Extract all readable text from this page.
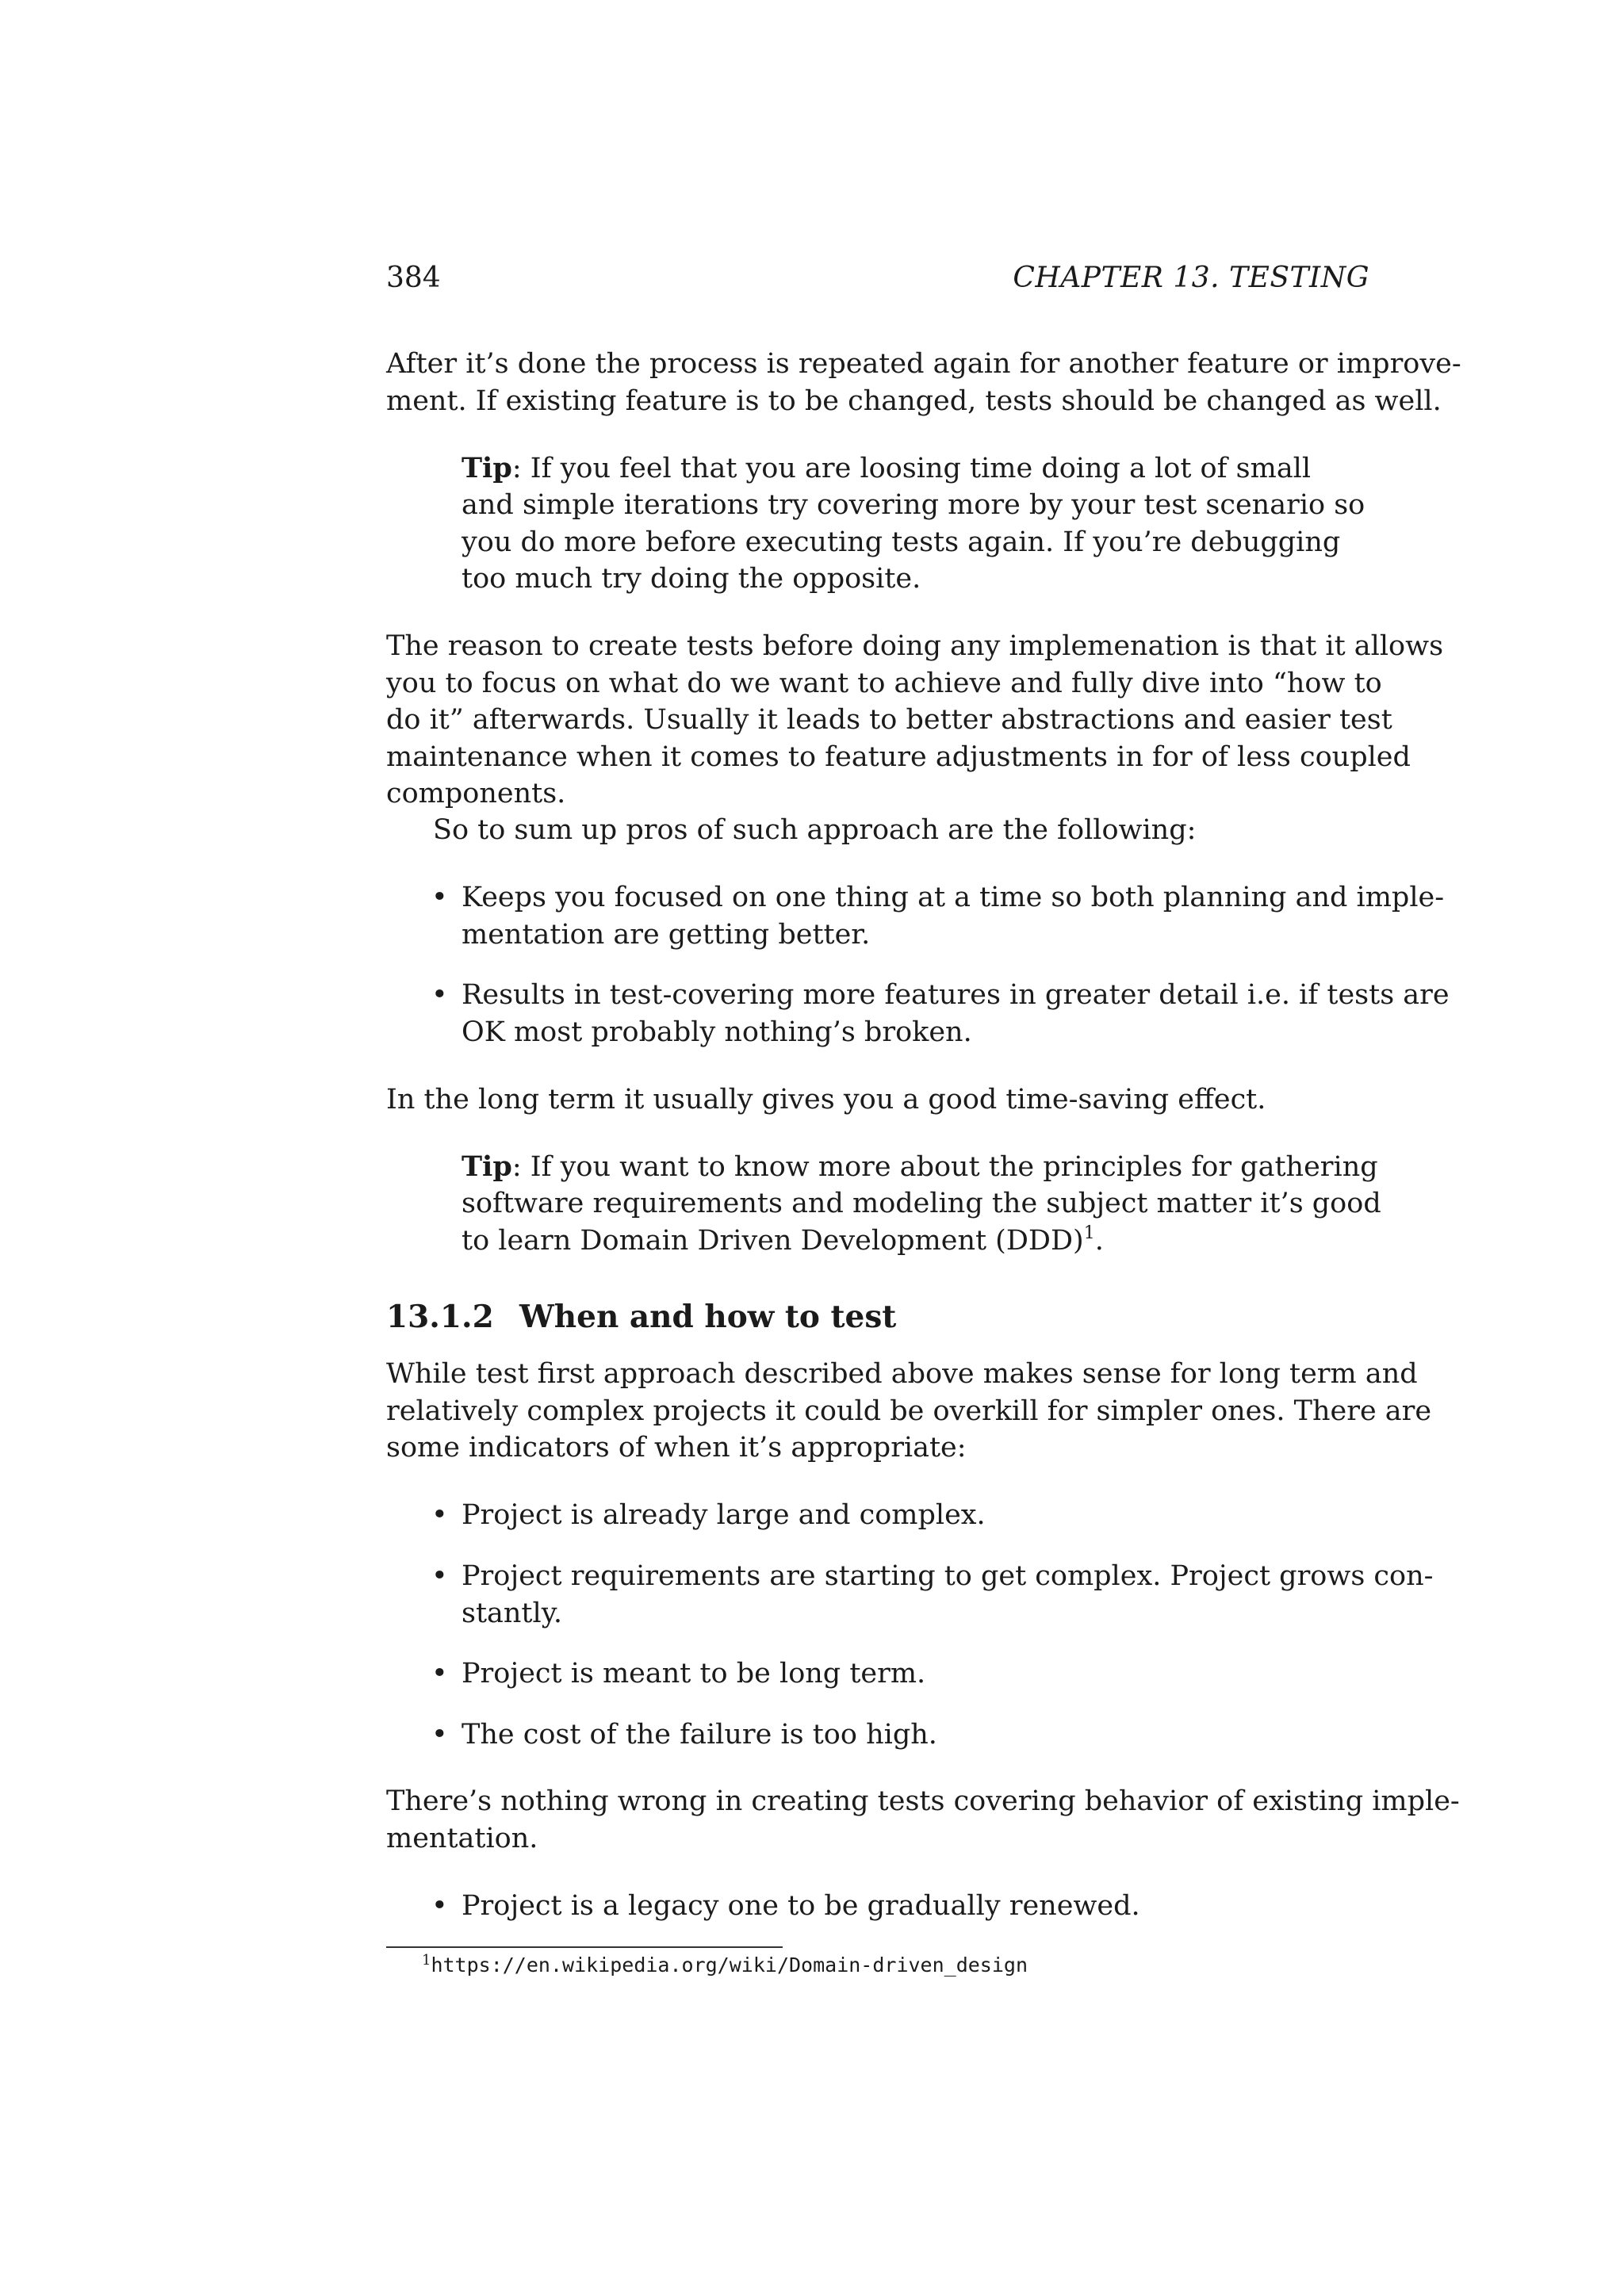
384	CHAPTER 13. TESTING
After it’s done the process is repeated again for another feature or improve-
ment. If existing feature is to be changed, tests should be changed as well.
Tip: If you feel that you are loosing time doing a lot of small
and simple iterations try covering more by your test scenario so
you do more before executing tests again. If you’re debugging
too much try doing the opposite.
The reason to create tests before doing any implemenation is that it allows
you to focus on what do we want to achieve and fully dive into “how to
do it” afterwards. Usually it leads to better abstractions and easier test
maintenance when it comes to feature adjustments in for of less coupled
components.
So to sum up pros of such approach are the following:
• Keeps you focused on one thing at a time so both planning and imple-
mentation are getting better.
• Results in test-covering more features in greater detail i.e. if tests are
OK most probably nothing’s broken.
In the long term it usually gives you a good time-saving effect.
Tip: If you want to know more about the principles for gathering
software requirements and modeling the subject matter it’s good
to learn Domain Driven Development (DDD)$^1$.
13.1.2 When and how to test
While test first approach described above makes sense for long term and
relatively complex projects it could be overkill for simpler ones. There are
some indicators of when it’s appropriate:
• Project is already large and complex.
• Project requirements are starting to get complex. Project grows con-
stantly.
• Project is meant to be long term.
• The cost of the failure is too high.
There’s nothing wrong in creating tests covering behavior of existing imple-
mentation.
• Project is a legacy one to be gradually renewed.
$^1$https://en.wikipedia.org/wiki/Domain-driven_design
